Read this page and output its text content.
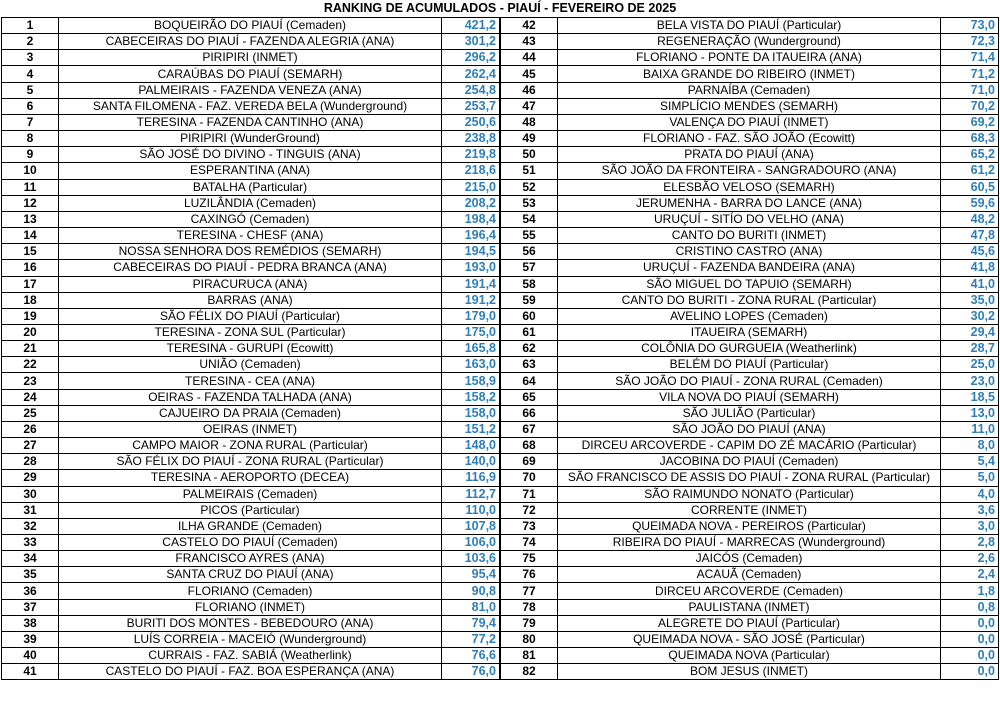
RANKING DE ACUMULADOS - PIAUÍ - FEVEREIRO DE 2025
1	BOQUEIRÃO DO PIAUÍ (Cemaden)	421,2
2	CABECEIRAS DO PIAUÍ - FAZENDA ALEGRIA (ANA)	301,2
3	PIRIPIRI (INMET)	296,2
4	CARAÚBAS DO PIAUÍ (SEMARH)	262,4
5	PALMEIRAIS - FAZENDA VENEZA (ANA)	254,8
6	SANTA FILOMENA - FAZ. VEREDA BELA (Wunderground)	253,7
7	TERESINA - FAZENDA CANTINHO (ANA)	250,6
8	PIRIPIRI (WunderGround)	238,8
9	SÃO JOSÉ DO DIVINO - TINGUIS (ANA)	219,8
10	ESPERANTINA (ANA)	218,6
11	BATALHA (Particular)	215,0
12	LUZILÂNDIA (Cemaden)	208,2
13	CAXINGÓ (Cemaden)	198,4
14	TERESINA - CHESF (ANA)	196,4
15	NOSSA SENHORA DOS REMÉDIOS (SEMARH)	194,5
16	CABECEIRAS DO PIAUÍ - PEDRA BRANCA (ANA)	193,0
17	PIRACURUCA (ANA)	191,4
18	BARRAS (ANA)	191,2
19	SÃO FÉLIX DO PIAUÍ (Particular)	179,0
20	TERESINA - ZONA SUL (Particular)	175,0
21	TERESINA - GURUPI (Ecowitt)	165,8
22	UNIÃO (Cemaden)	163,0
23	TERESINA - CEA (ANA)	158,9
24	OEIRAS - FAZENDA TALHADA (ANA)	158,2
25	CAJUEIRO DA PRAIA (Cemaden)	158,0
26	OEIRAS (INMET)	151,2
27	CAMPO MAIOR - ZONA RURAL (Particular)	148,0
28	SÃO FÉLIX DO PIAUÍ - ZONA RURAL (Particular)	140,0
29	TERESINA - AEROPORTO (DECEA)	116,9
30	PALMEIRAIS (Cemaden)	112,7
31	PICOS (Particular)	110,0
32	ILHA GRANDE (Cemaden)	107,8
33	CASTELO DO PIAUÍ (Cemaden)	106,0
34	FRANCISCO AYRES (ANA)	103,6
35	SANTA CRUZ DO PIAUÍ (ANA)	95,4
36	FLORIANO (Cemaden)	90,8
37	FLORIANO (INMET)	81,0
38	BURITI DOS MONTES - BEBEDOURO (ANA)	79,4
39	LUÍS CORREIA - MACEIÓ (Wunderground)	77,2
40	CURRAIS - FAZ. SABIÁ (Weatherlink)	76,6
41	CASTELO DO PIAUÍ - FAZ. BOA ESPERANÇA (ANA)	76,0
42	BELA VISTA DO PIAUÍ (Particular)	73,0
43	REGENERAÇÃO (Wunderground)	72,3
44	FLORIANO - PONTE DA ITAUEIRA (ANA)	71,4
45	BAIXA GRANDE DO RIBEIRO (INMET)	71,2
46	PARNAÍBA (Cemaden)	71,0
47	SIMPLÍCIO MENDES (SEMARH)	70,2
48	VALENÇA DO PIAUÍ (INMET)	69,2
49	FLORIANO - FAZ. SÃO JOÃO (Ecowitt)	68,3
50	PRATA DO PIAUÍ (ANA)	65,2
51	SÃO JOÃO DA FRONTEIRA - SANGRADOURO (ANA)	61,2
52	ELESBÃO VELOSO (SEMARH)	60,5
53	JERUMENHA - BARRA DO LANCE (ANA)	59,6
54	URUÇUÍ - SITÍO DO VELHO (ANA)	48,2
55	CANTO DO BURITI (INMET)	47,8
56	CRISTINO CASTRO (ANA)	45,6
57	URUÇUÍ - FAZENDA BANDEIRA (ANA)	41,8
58	SÃO MIGUEL DO TAPUIO (SEMARH)	41,0
59	CANTO DO BURITI - ZONA RURAL (Particular)	35,0
60	AVELINO LOPES (Cemaden)	30,2
61	ITAUEIRA (SEMARH)	29,4
62	COLÔNIA DO GURGUEIA (Weatherlink)	28,7
63	BELÉM DO PIAUÍ (Particular)	25,0
64	SÃO JOÃO DO PIAUÍ - ZONA RURAL (Cemaden)	23,0
65	VILA NOVA DO PIAUÍ (SEMARH)	18,5
66	SÃO JULIÃO (Particular)	13,0
67	SÃO JOÃO DO PIAUÍ (ANA)	11,0
68	DIRCEU ARCOVERDE - CAPIM DO ZÉ MACÁRIO (Particular)	8,0
69	JACOBINA DO PIAUÍ (Cemaden)	5,4
70	SÃO FRANCISCO DE ASSIS DO PIAUÍ - ZONA RURAL (Particular)	5,0
71	SÃO RAIMUNDO NONATO (Particular)	4,0
72	CORRENTE (INMET)	3,6
73	QUEIMADA NOVA - PEREIROS (Particular)	3,0
74	RIBEIRA DO PIAUÍ - MARRECAS (Wunderground)	2,8
75	JAICÓS (Cemaden)	2,6
76	ACAUÃ (Cemaden)	2,4
77	DIRCEU ARCOVERDE (Cemaden)	1,8
78	PAULISTANA (INMET)	0,8
79	ALEGRETE DO PIAUÍ (Particular)	0,0
80	QUEIMADA NOVA - SÃO JOSÉ (Particular)	0,0
81	QUEIMADA NOVA (Particular)	0,0
82	BOM JESUS (INMET)	0,0
